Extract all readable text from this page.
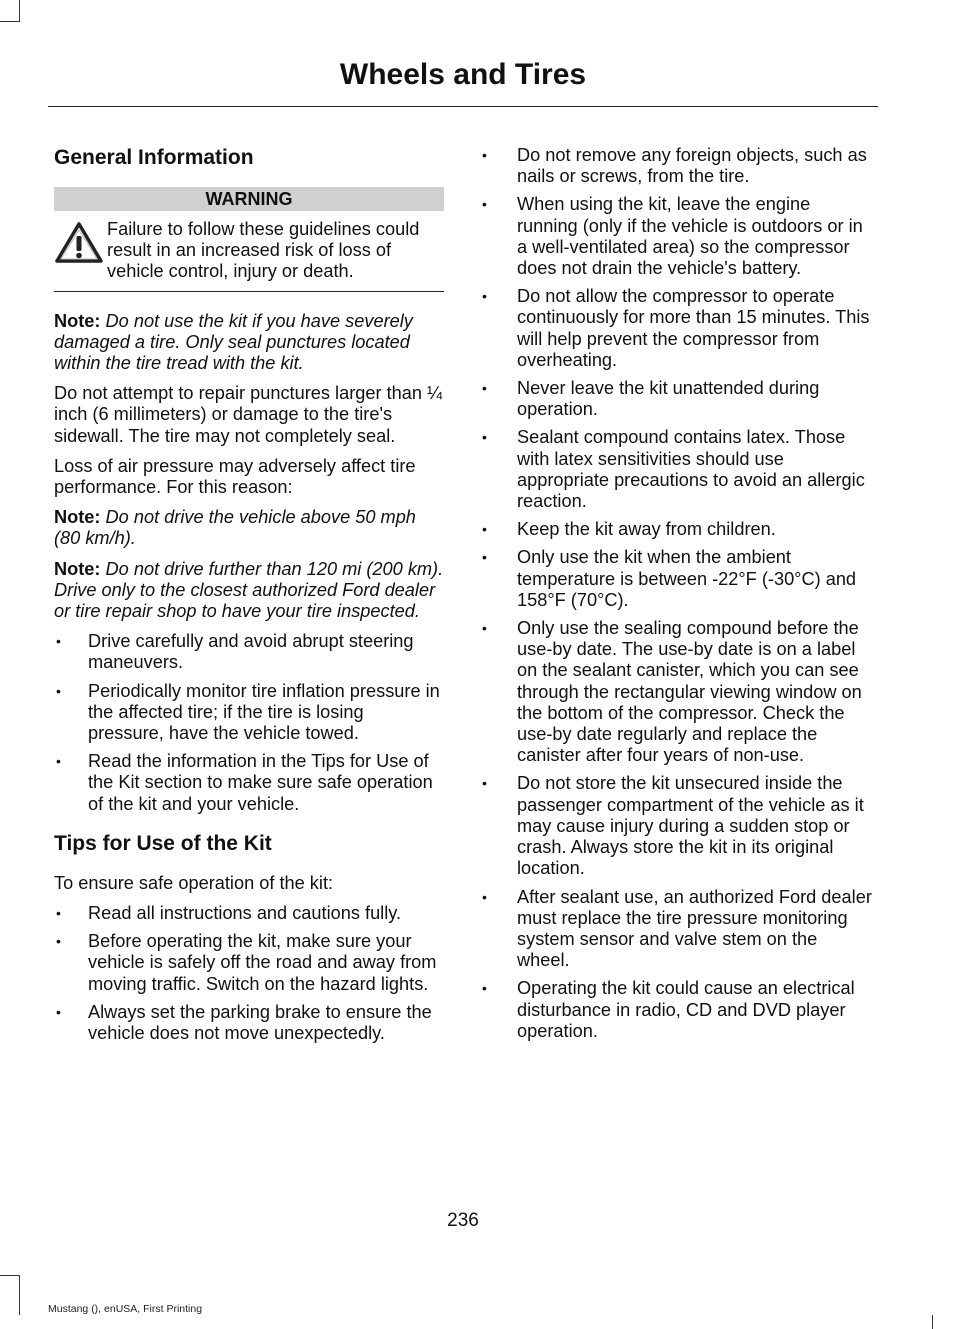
Wheels and Tires
General Information
WARNING
Failure to follow these guidelines could result in an increased risk of loss of vehicle control, injury or death.

Note: Do not use the kit if you have severely damaged a tire. Only seal punctures located within the tire tread with the kit.

Do not attempt to repair punctures larger than ¼ inch (6 millimeters) or damage to the tire's sidewall. The tire may not completely seal.

Loss of air pressure may adversely affect tire performance. For this reason:

Note: Do not drive the vehicle above 50 mph (80 km/h).

Note: Do not drive further than 120 mi (200 km). Drive only to the closest authorized Ford dealer or tire repair shop to have your tire inspected.

• Drive carefully and avoid abrupt steering maneuvers.
• Periodically monitor tire inflation pressure in the affected tire; if the tire is losing pressure, have the vehicle towed.
• Read the information in the Tips for Use of the Kit section to make sure safe operation of the kit and your vehicle.
Tips for Use of the Kit

To ensure safe operation of the kit:

• Read all instructions and cautions fully.
• Before operating the kit, make sure your vehicle is safely off the road and away from moving traffic. Switch on the hazard lights.
• Always set the parking brake to ensure the vehicle does not move unexpectedly.
• Do not remove any foreign objects, such as nails or screws, from the tire.
• When using the kit, leave the engine running (only if the vehicle is outdoors or in a well-ventilated area) so the compressor does not drain the vehicle's battery.
• Do not allow the compressor to operate continuously for more than 15 minutes. This will help prevent the compressor from overheating.
• Never leave the kit unattended during operation.
• Sealant compound contains latex. Those with latex sensitivities should use appropriate precautions to avoid an allergic reaction.
• Keep the kit away from children.
• Only use the kit when the ambient temperature is between -22°F (-30°C) and 158°F (70°C).
• Only use the sealing compound before the use-by date. The use-by date is on a label on the sealant canister, which you can see through the rectangular viewing window on the bottom of the compressor. Check the use-by date regularly and replace the canister after four years of non-use.
• Do not store the kit unsecured inside the passenger compartment of the vehicle as it may cause injury during a sudden stop or crash. Always store the kit in its original location.
• After sealant use, an authorized Ford dealer must replace the tire pressure monitoring system sensor and valve stem on the wheel.
• Operating the kit could cause an electrical disturbance in radio, CD and DVD player operation.
236
Mustang (), enUSA, First Printing
